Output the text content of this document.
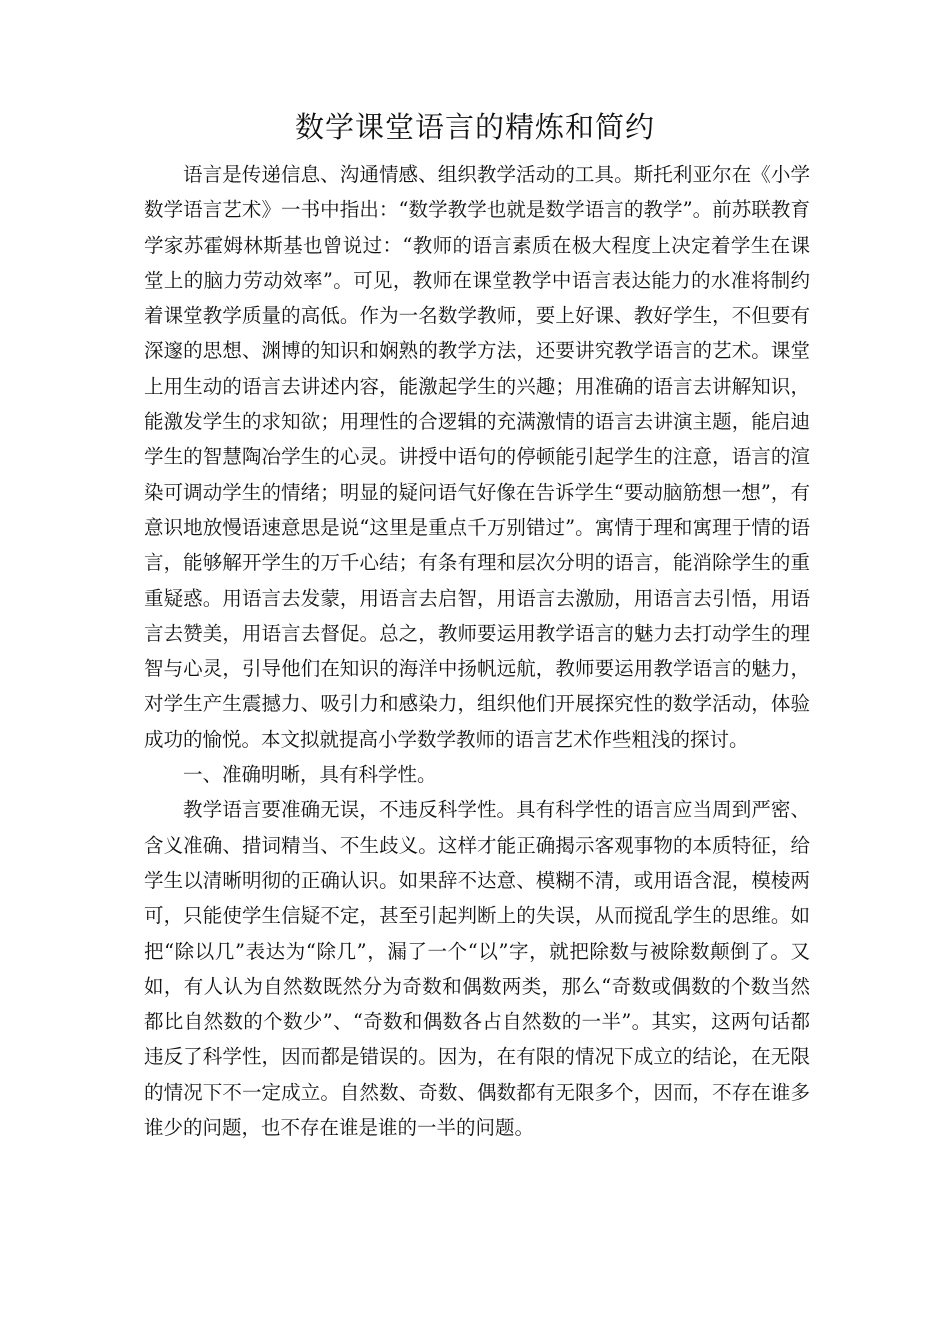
数学课堂语言的精炼和简约

语言是传递信息、沟通情感、组织教学活动的工具。斯托利亚尔在《小学数学语言艺术》一书中指出：“数学教学也就是数学语言的教学”。前苏联教育学家苏霍姆林斯基也曾说过：“教师的语言素质在极大程度上决定着学生在课堂上的脑力劳动效率”。可见，教师在课堂教学中语言表达能力的水准将制约着课堂教学质量的高低。作为一名数学教师，要上好课、教好学生，不但要有深邃的思想、渊博的知识和娴熟的教学方法，还要讲究教学语言的艺术。课堂上用生动的语言去讲述内容，能激起学生的兴趣；用准确的语言去讲解知识，能激发学生的求知欲；用理性的合逻辑的充满激情的语言去讲演主题，能启迪学生的智慧陶冶学生的心灵。讲授中语句的停顿能引起学生的注意，语言的渲染可调动学生的情绪；明显的疑问语气好像在告诉学生“要动脑筋想一想”，有意识地放慢语速意思是说“这里是重点千万别错过”。寓情于理和寓理于情的语言，能够解开学生的万千心结；有条有理和层次分明的语言，能消除学生的重重疑惑。用语言去发蒙，用语言去启智，用语言去激励，用语言去引悟，用语言去赞美，用语言去督促。总之，教师要运用教学语言的魅力去打动学生的理智与心灵，引导他们在知识的海洋中扬帆远航，教师要运用教学语言的魅力，对学生产生震撼力、吸引力和感染力，组织他们开展探究性的数学活动，体验成功的愉悦。本文拟就提高小学数学教师的语言艺术作些粗浅的探讨。

一、准确明晰，具有科学性。

教学语言要准确无误，不违反科学性。具有科学性的语言应当周到严密、含义准确、措词精当、不生歧义。这样才能正确揭示客观事物的本质特征，给学生以清晰明彻的正确认识。如果辞不达意、模糊不清，或用语含混，模棱两可，只能使学生信疑不定，甚至引起判断上的失误，从而搅乱学生的思维。如把“除以几”表达为“除几”，漏了一个“以”字，就把除数与被除数颠倒了。又如，有人认为自然数既然分为奇数和偶数两类，那么“奇数或偶数的个数当然都比自然数的个数少”、“奇数和偶数各占自然数的一半”。其实，这两句话都违反了科学性，因而都是错误的。因为，在有限的情况下成立的结论，在无限的情况下不一定成立。自然数、奇数、偶数都有无限多个，因而，不存在谁多谁少的问题，也不存在谁是谁的一半的问题。
